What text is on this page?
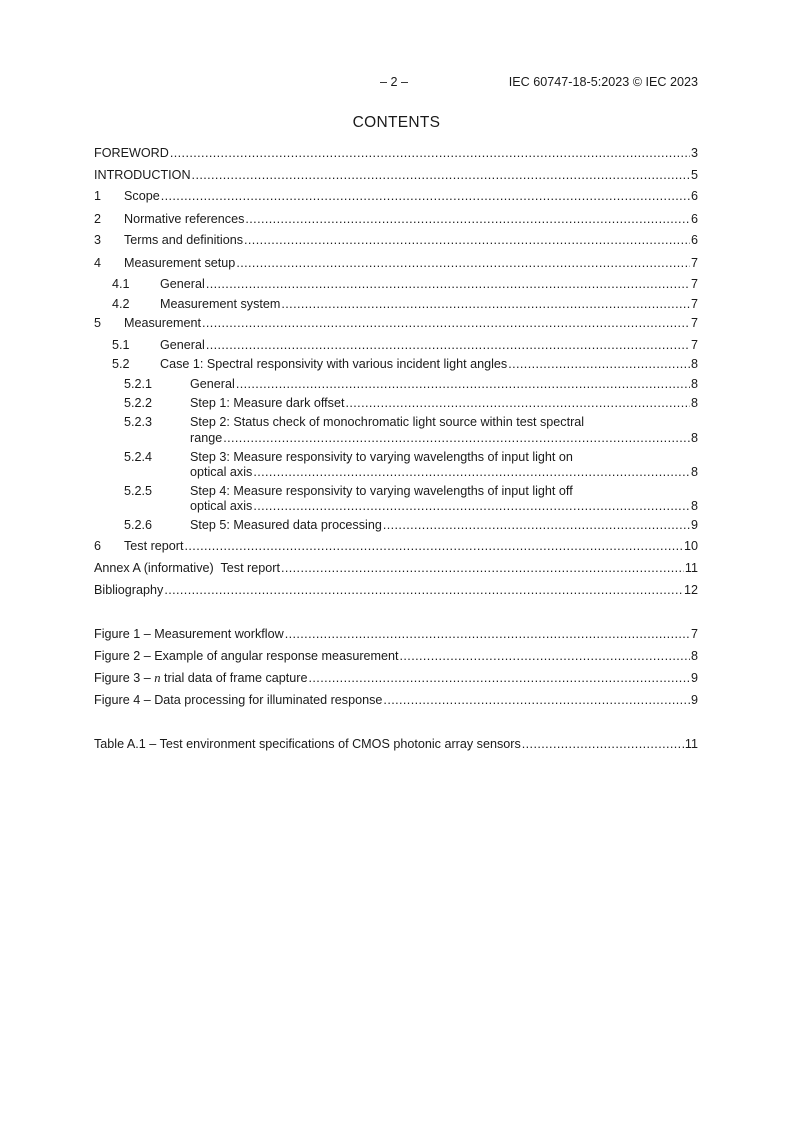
– 2 –	IEC 60747-18-5:2023 © IEC 2023
CONTENTS
FOREWORD . . .	3
INTRODUCTION . . .	5
1 Scope . . .	6
2 Normative references . . .	6
3 Terms and definitions . . .	6
4 Measurement setup . . .	7
4.1 General . . .	7
4.2 Measurement system . . .	7
5 Measurement . . .	7
5.1 General . . .	7
5.2 Case 1: Spectral responsivity with various incident light angles . . .	8
5.2.1	General . . .	8
5.2.2	Step 1: Measure dark offset . . .	8
5.2.3	Step 2: Status check of monochromatic light source within test spectral
range . . .	8
5.2.4	Step 3: Measure responsivity to varying wavelengths of input light on
optical axis . . .	8
5.2.5	Step 4: Measure responsivity to varying wavelengths of input light off
optical axis . . .	8
5.2.6	Step 5: Measured data processing . . .	9
6 Test report . . .	10
Annex A (informative)  Test report . . .	11
Bibliography . . .	12
Figure 1 – Measurement workflow . . .	7
Figure 2 – Example of angular response measurement . . .	8
Figure 3 – n trial data of frame capture . . .	9
Figure 4 – Data processing for illuminated response . . .	9
Table A.1 – Test environment specifications of CMOS photonic array sensors . . .	11
